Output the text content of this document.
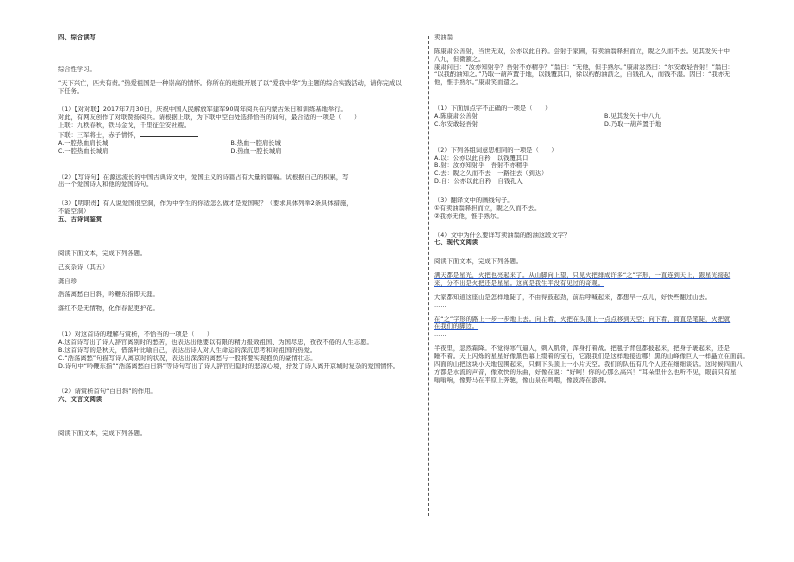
四、综合读写
综合性学习。
“天下兴亡，匹夫有责。”热爱祖国是一种崇高的情怀。你所在的班级开展了以“爱我中华”为主题的综合实践活动，请你完成以下任务。
（1）【对对联】2017年7月30日，庆祝中国人民解放军建军90周年阅兵在内蒙古朱日和训练基地举行。
对此，有网友创作了对联赞扬阅兵。请根据上联，为下联中空白处选择恰当的词句，最合适的一项是（　　）
上联：九秩春秋，铁马金戈，千里征尘安社稷。
下联：三军将士，赤子情怀，
A.一腔热血肩长城	B.热血一腔肩长城
C.一腔热血长城肩	D.热血一腔长城肩
（2）【写诗句】在源远流长的中国古典诗文中，爱国主义的诗篇占有大量的篇幅。试根据自己的积累，写
出一个爱国诗人和他的爱国诗句。
（3）【明职责】有人说爱国很空洞，作为中学生的你适怎么做才是爱国呢？（要求具体列举2条具体措施，
不能空洞）
五、古诗词鉴赏
阅读下面文本，完成下列各题。
己亥杂诗（其五）
龚自珍
浩荡离愁白日斜，吟鞭东指即天涯。
落红不是无情物，化作春泥更护花。
（1）对这首诗的理解与赏析，不恰当的一项是（　　）
A.这首诗写出了诗人辞官离别时的愁苦，也表达出他要以有限的精力报效祖国、为国尽忠，孜孜不倦的人生志愿。
B.这首诗写的是秋天，借落叶比喻自己，表达出诗人对人生命运的深沉思考和对祖国的热爱。
C.“浩荡离愁”句描写诗人离京时的状况，表达出深深的离愁与一股将要实现抱负的豪情壮志。
D.诗句中“吟鞭东指”“浩荡离愁白日斜”等诗句写出了诗人辞官归隐时的悲凉心境，抒发了诗人离开京城时复杂的爱国情怀。
（2）请赏析首句“白日斜”的作用。
六、文言文阅读
阅读下面文本，完成下列各题。
卖油翁
陈康肃公善射，当世无双，公亦以此自矜。尝射于家圃，有卖油翁释担而立，睨之久而不去。见其发矢十中
八九，但微颔之。
康肃问曰：“汝亦知射乎？吾射不亦精乎？”翁曰：“无他，但手熟尔。”康肃忿然曰：“尔安敢轻吾射！”翁曰：
“以我酌油知之。”乃取一葫芦置于地，以钱覆其口，徐以杓酌油沥之，自钱孔入，而钱不湿。因曰：“我亦无
他，惟手熟尔。”康肃笑而遣之。
（1）下面加点字不正确的一项是（　　）
A.陈康肃公善射	B.见其发矢十中八九
C.尔安敢轻吾射	D.乃取一葫芦置于地
（2）下列各组词意思相同的一项是（　　）
A.以：公亦以此自矜　以钱覆其口
B.射：汝亦知射乎　吾射不亦精乎
C.去：睨之久而不去　一路往去（到达）
D.自：公亦以此自矜　自钱孔入
（3）翻译文中的画线句子。
①有卖油翁释担而立，睨之久而不去。
②我亦无他，惟手熟尔。
（4）文中为什么要详写卖油翁的酌油这段文字？
七、现代文阅读
阅读下面文本，完成下列各题。
满天都是星光，火把也亮起来了。从山脚向上望，只见火把排成许多“之”字形，一直连到天上，跟星光接起
来，分不出是火把还是星星。这真是我生平没有见过的奇观。
大家都知道这座山是怎样地陡了，不由得鼓起劲，前后呼喊起来，都想早一点儿，好快些翻过山去。
……
在“之”字形的路上一步一步地上去。向上看，火把在头顶上一点点移到天空；向下看，简直是笔陡，火把就
在我们的脚边。
……
半夜里，忽然霜降。不觉得寒气逼人，刺入肌骨，浑身打着战。把毯子背包都披起来，把身子裹起来，还是
睡不着。天上闪烁的星星好像黑色幕上缀着的宝石，它跟我们是这样地接近哪！黑的山峰像巨人一样矗立在面前。
四面的山把这块小天地包围起来，只剩下头顶上一小片天空。我们的队伍有几个人还在细细谈话。这时候四面八
方都是水流的声音，像欢快的乐曲，好像在说：“好呵！你的心那么高兴！”耳朵里什么也听不见，眼前只有星
嗡嗡响，像野马在平原上奔驰，像山泉在鸣咽，像波涛在澎湃。
